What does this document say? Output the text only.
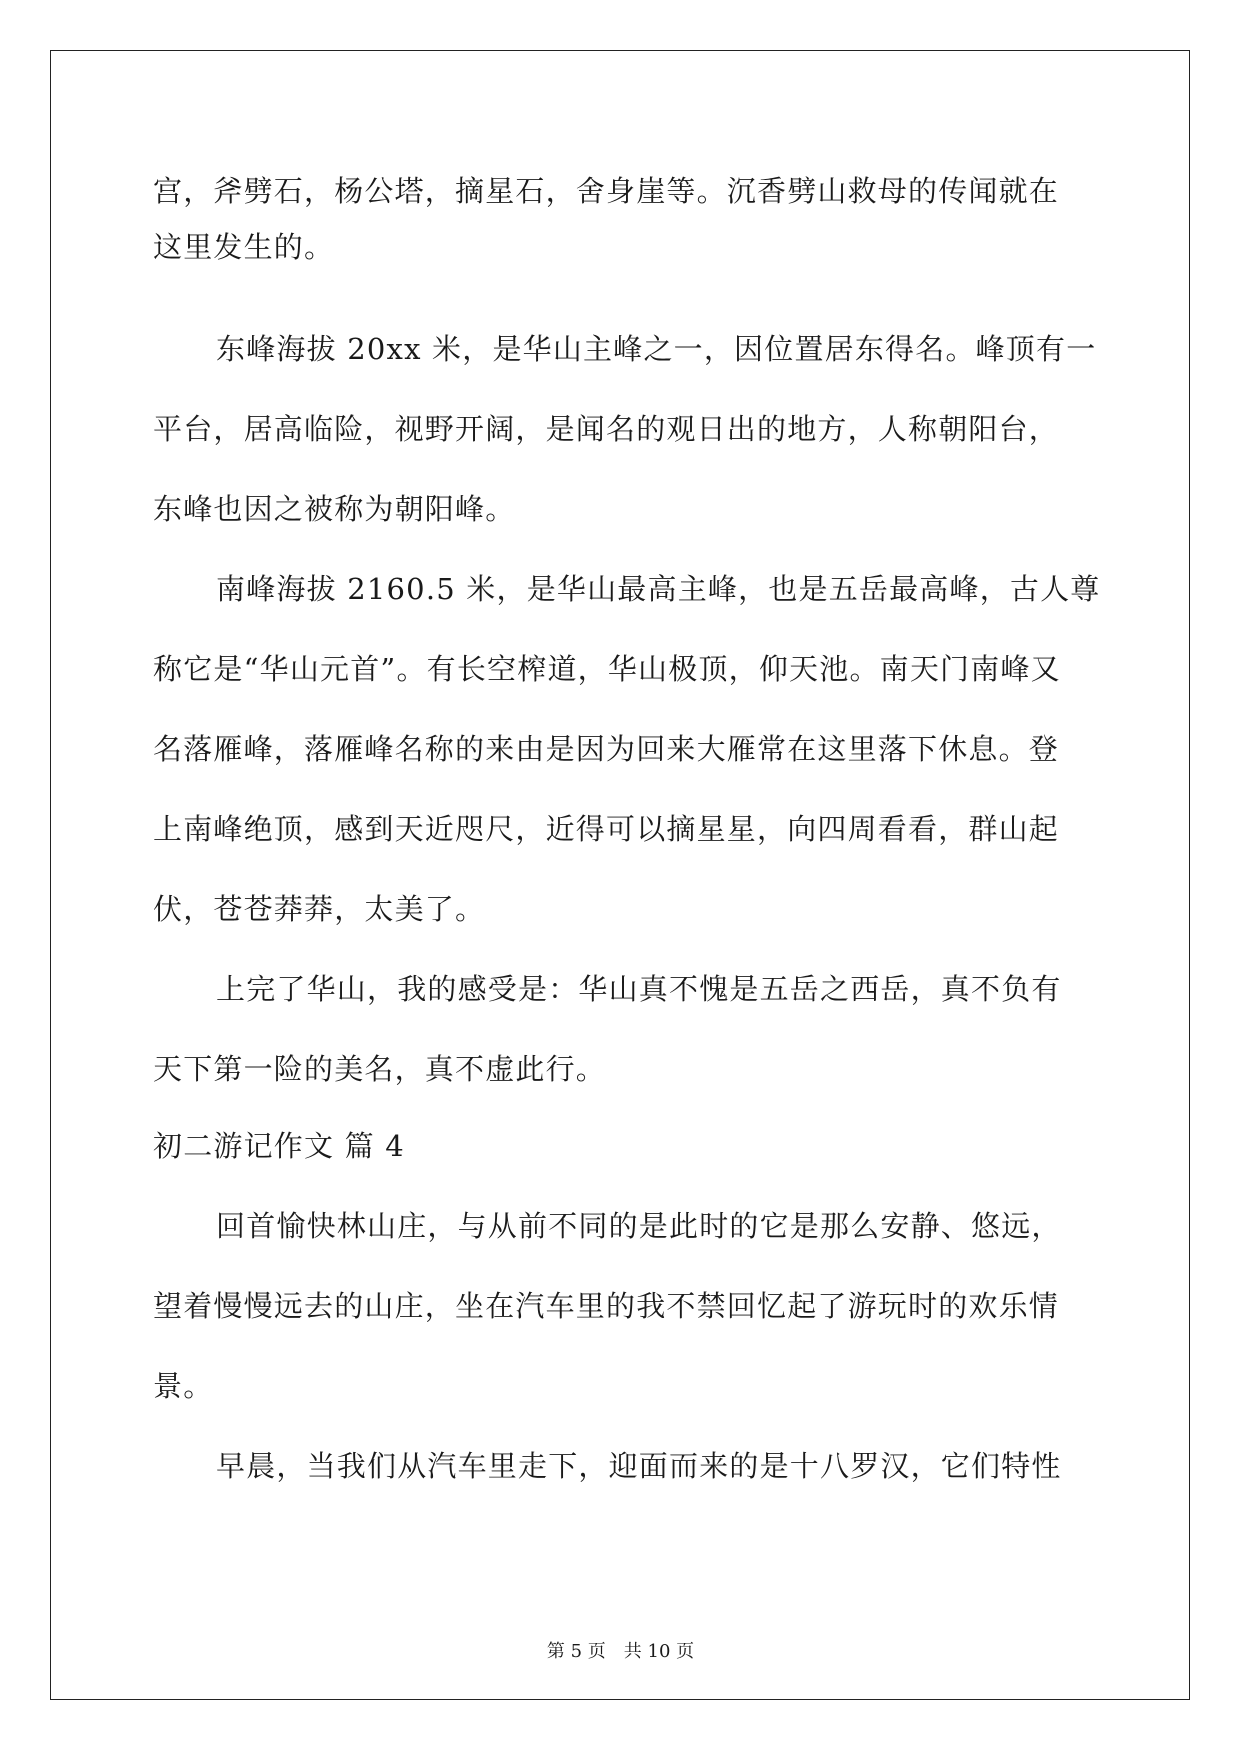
宫，斧劈石，杨公塔，摘星石，舍身崖等。沉香劈山救母的传闻就在
这里发生的。
东峰海拔 20xx 米，是华山主峰之一，因位置居东得名。峰顶有一
平台，居高临险，视野开阔，是闻名的观日出的地方，人称朝阳台，
东峰也因之被称为朝阳峰。
南峰海拔 2160.5 米，是华山最高主峰，也是五岳最高峰，古人尊
称它是“华山元首”。有长空榨道，华山极顶，仰天池。南天门南峰又
名落雁峰，落雁峰名称的来由是因为回来大雁常在这里落下休息。登
上南峰绝顶，感到天近咫尺，近得可以摘星星，向四周看看，群山起
伏，苍苍莽莽，太美了。
上完了华山，我的感受是：华山真不愧是五岳之西岳，真不负有
天下第一险的美名，真不虚此行。
初二游记作文 篇 4
回首愉快林山庄，与从前不同的是此时的它是那么安静、悠远，
望着慢慢远去的山庄，坐在汽车里的我不禁回忆起了游玩时的欢乐情
景。
早晨，当我们从汽车里走下，迎面而来的是十八罗汉，它们特性
第 5 页 共 10 页
